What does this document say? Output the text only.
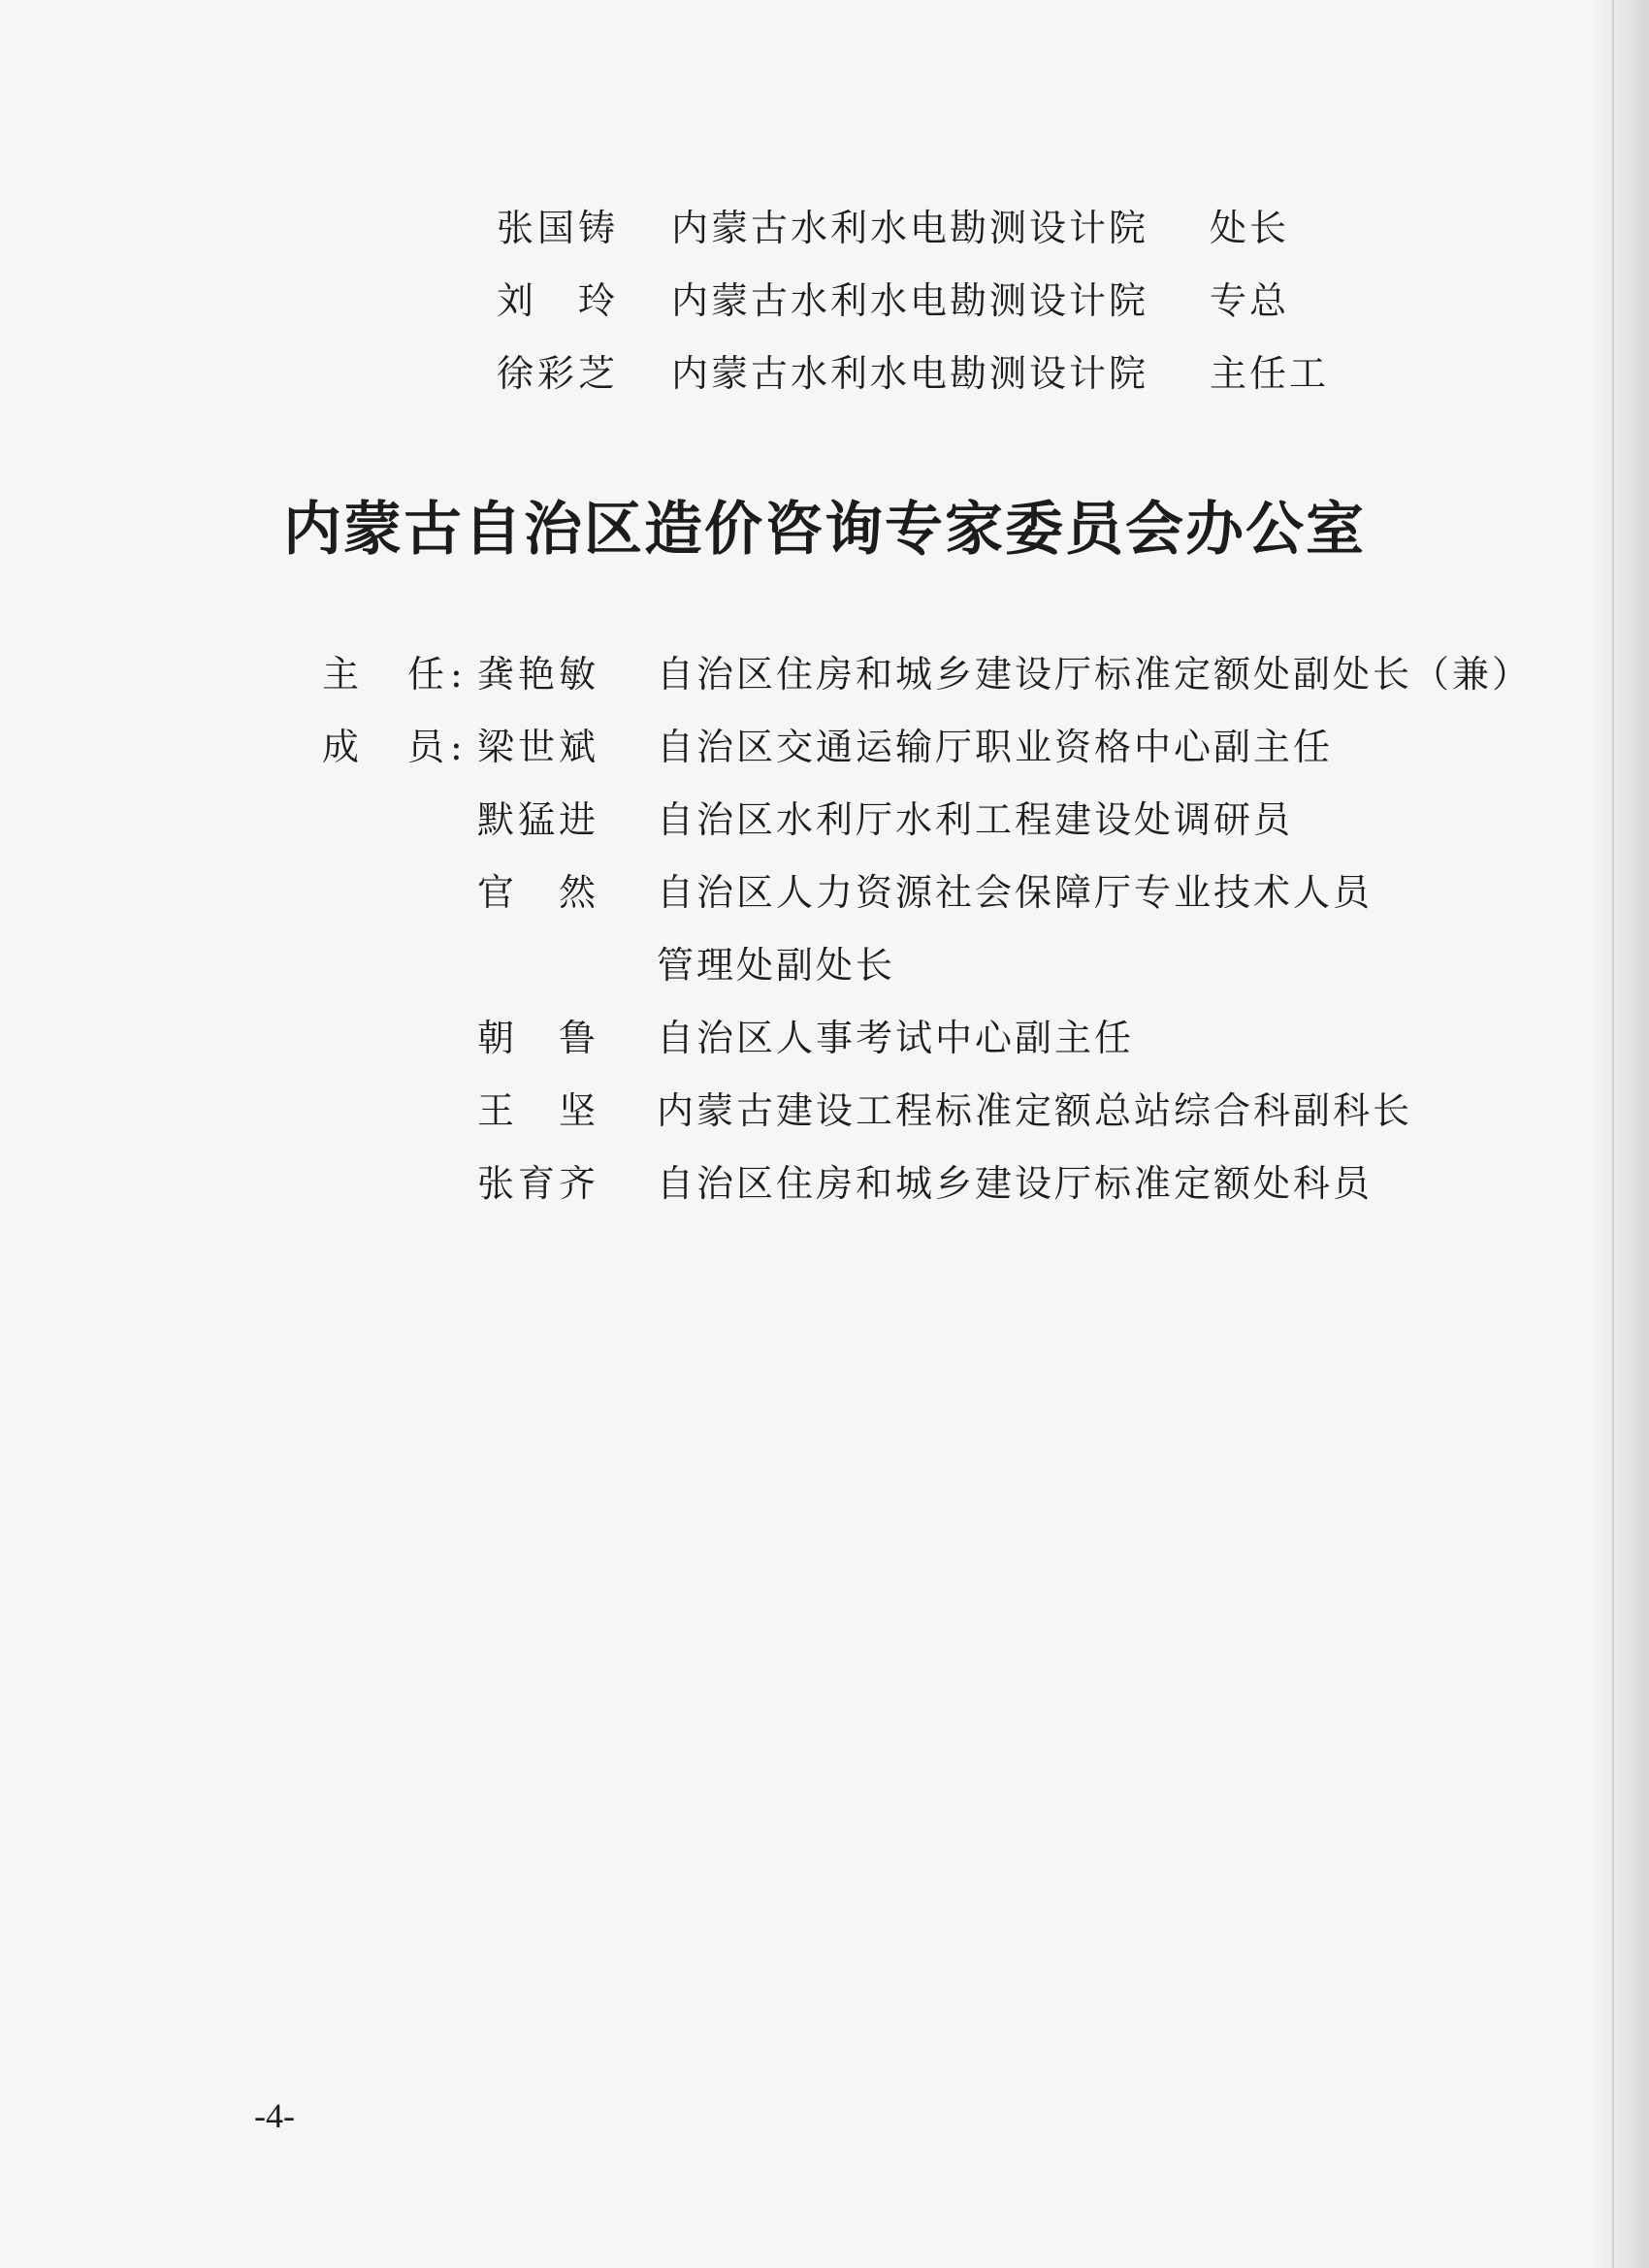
张国铸 内蒙古水利水电勘测设计院 处长
刘　玲 内蒙古水利水电勘测设计院 专总
徐彩芝 内蒙古水利水电勘测设计院 主任工
内蒙古自治区造价咨询专家委员会办公室
主　任: 龚艳敏 自治区住房和城乡建设厅标准定额处副处长（兼）
成　员: 梁世斌 自治区交通运输厅职业资格中心副主任
默猛进 自治区水利厅水利工程建设处调研员
官　然 自治区人力资源社会保障厅专业技术人员
管理处副处长
朝　鲁 自治区人事考试中心副主任
王　坚 内蒙古建设工程标准定额总站综合科副科长
张育齐 自治区住房和城乡建设厅标准定额处科员
-4-
